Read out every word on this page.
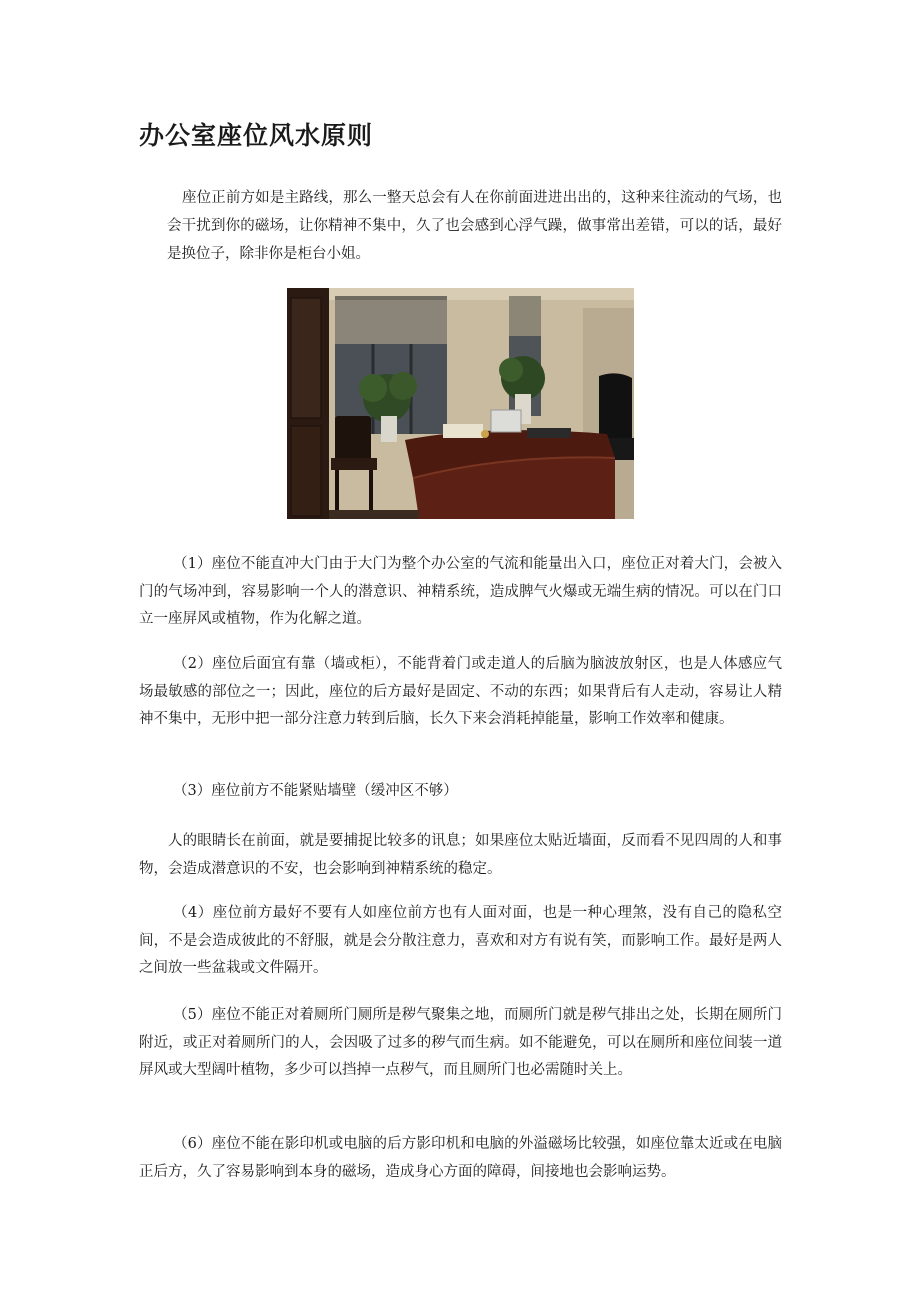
办公室座位风水原则

座位正前方如是主路线，那么一整天总会有人在你前面进进出出的，这种来往流动的气场，也会干扰到你的磁场，让你精神不集中，久了也会感到心浮气躁，做事常出差错，可以的话，最好是换位子，除非你是柜台小姐。

（1）座位不能直冲大门由于大门为整个办公室的气流和能量出入口，座位正对着大门，会被入门的气场冲到，容易影响一个人的潜意识、神精系统，造成脾气火爆或无端生病的情况。可以在门口立一座屏风或植物，作为化解之道。

（2）座位后面宜有靠（墙或柜），不能背着门或走道人的后脑为脑波放射区，也是人体感应气场最敏感的部位之一；因此，座位的后方最好是固定、不动的东西；如果背后有人走动，容易让人精神不集中，无形中把一部分注意力转到后脑，长久下来会消耗掉能量，影响工作效率和健康。

（3）座位前方不能紧贴墙壁（缓冲区不够）

人的眼睛长在前面，就是要捕捉比较多的讯息；如果座位太贴近墙面，反而看不见四周的人和事物，会造成潜意识的不安，也会影响到神精系统的稳定。

（4）座位前方最好不要有人如座位前方也有人面对面，也是一种心理煞，没有自己的隐私空间，不是会造成彼此的不舒服，就是会分散注意力，喜欢和对方有说有笑，而影响工作。最好是两人之间放一些盆栽或文件隔开。

（5）座位不能正对着厕所门厕所是秽气聚集之地，而厕所门就是秽气排出之处，长期在厕所门附近，或正对着厕所门的人，会因吸了过多的秽气而生病。如不能避免，可以在厕所和座位间装一道屏风或大型阔叶植物，多少可以挡掉一点秽气，而且厕所门也必需随时关上。

（6）座位不能在影印机或电脑的后方影印机和电脑的外溢磁场比较强，如座位靠太近或在电脑正后方，久了容易影响到本身的磁场，造成身心方面的障碍，间接地也会影响运势。
